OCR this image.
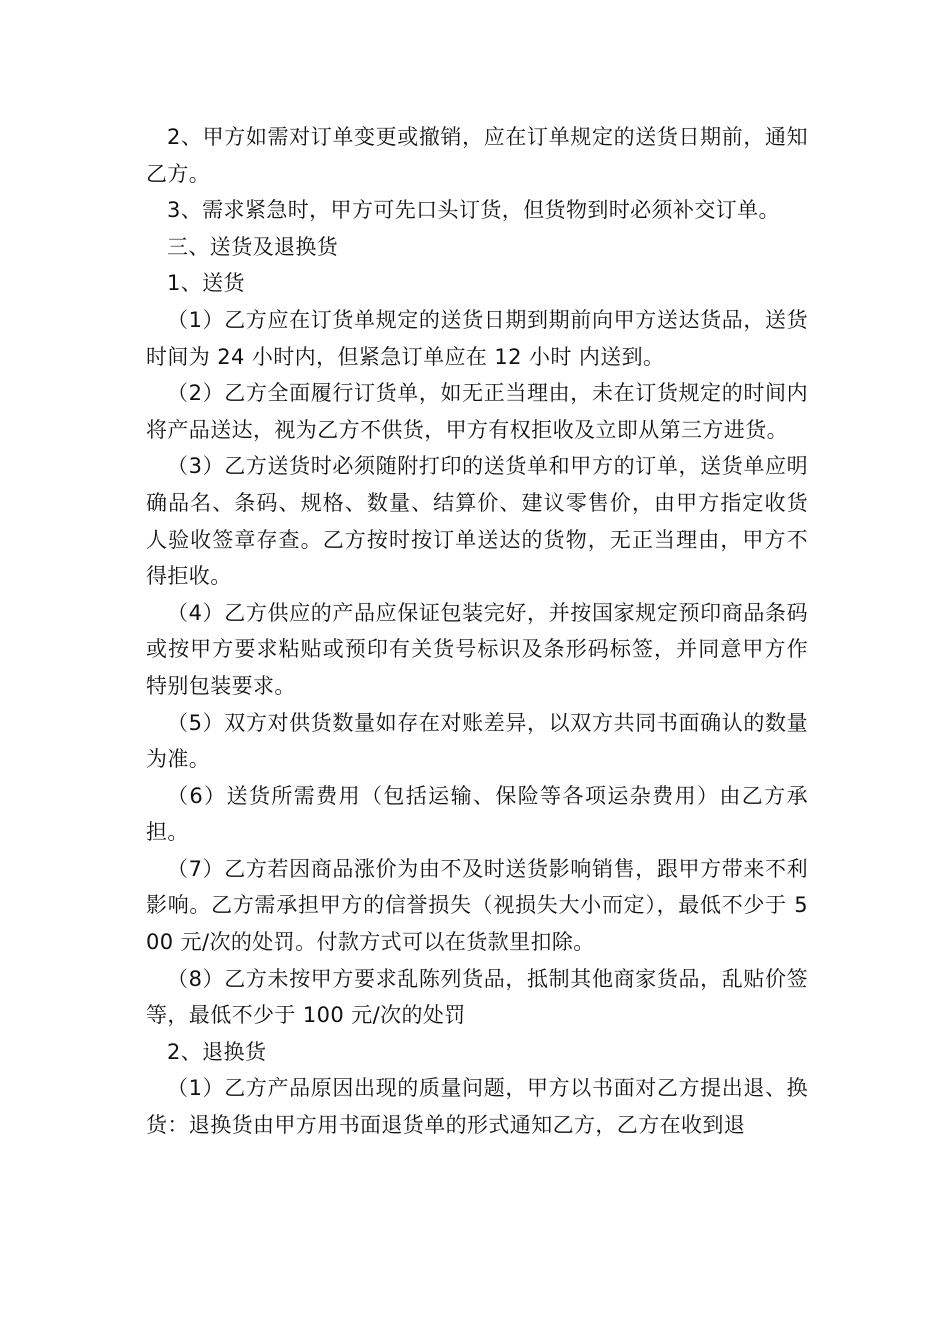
2、甲方如需对订单变更或撤销，应在订单规定的送货日期前，通知乙方。

3、需求紧急时，甲方可先口头订货，但货物到时必须补交订单。

三、送货及退换货

1、送货

（1）乙方应在订货单规定的送货日期到期前向甲方送达货品，送货时间为 24 小时内，但紧急订单应在 12 小时 内送到。

（2）乙方全面履行订货单，如无正当理由，未在订货规定的时间内将产品送达，视为乙方不供货，甲方有权拒收及立即从第三方进货。

（3）乙方送货时必须随附打印的送货单和甲方的订单，送货单应明确品名、条码、规格、数量、结算价、建议零售价，由甲方指定收货人验收签章存查。乙方按时按订单送达的货物，无正当理由，甲方不得拒收。

（4）乙方供应的产品应保证包装完好，并按国家规定预印商品条码或按甲方要求粘贴或预印有关货号标识及条形码标签，并同意甲方作特别包装要求。

（5）双方对供货数量如存在对账差异，以双方共同书面确认的数量为准。

（6）送货所需费用（包括运输、保险等各项运杂费用）由乙方承担。

（7）乙方若因商品涨价为由不及时送货影响销售，跟甲方带来不利影响。乙方需承担甲方的信誉损失（视损失大小而定），最低不少于 500 元/次的处罚。付款方式可以在货款里扣除。

（8）乙方未按甲方要求乱陈列货品，抵制其他商家货品，乱贴价签等，最低不少于 100 元/次的处罚

2、退换货

（1）乙方产品原因出现的质量问题，甲方以书面对乙方提出退、换货：退换货由甲方用书面退货单的形式通知乙方，乙方在收到退
